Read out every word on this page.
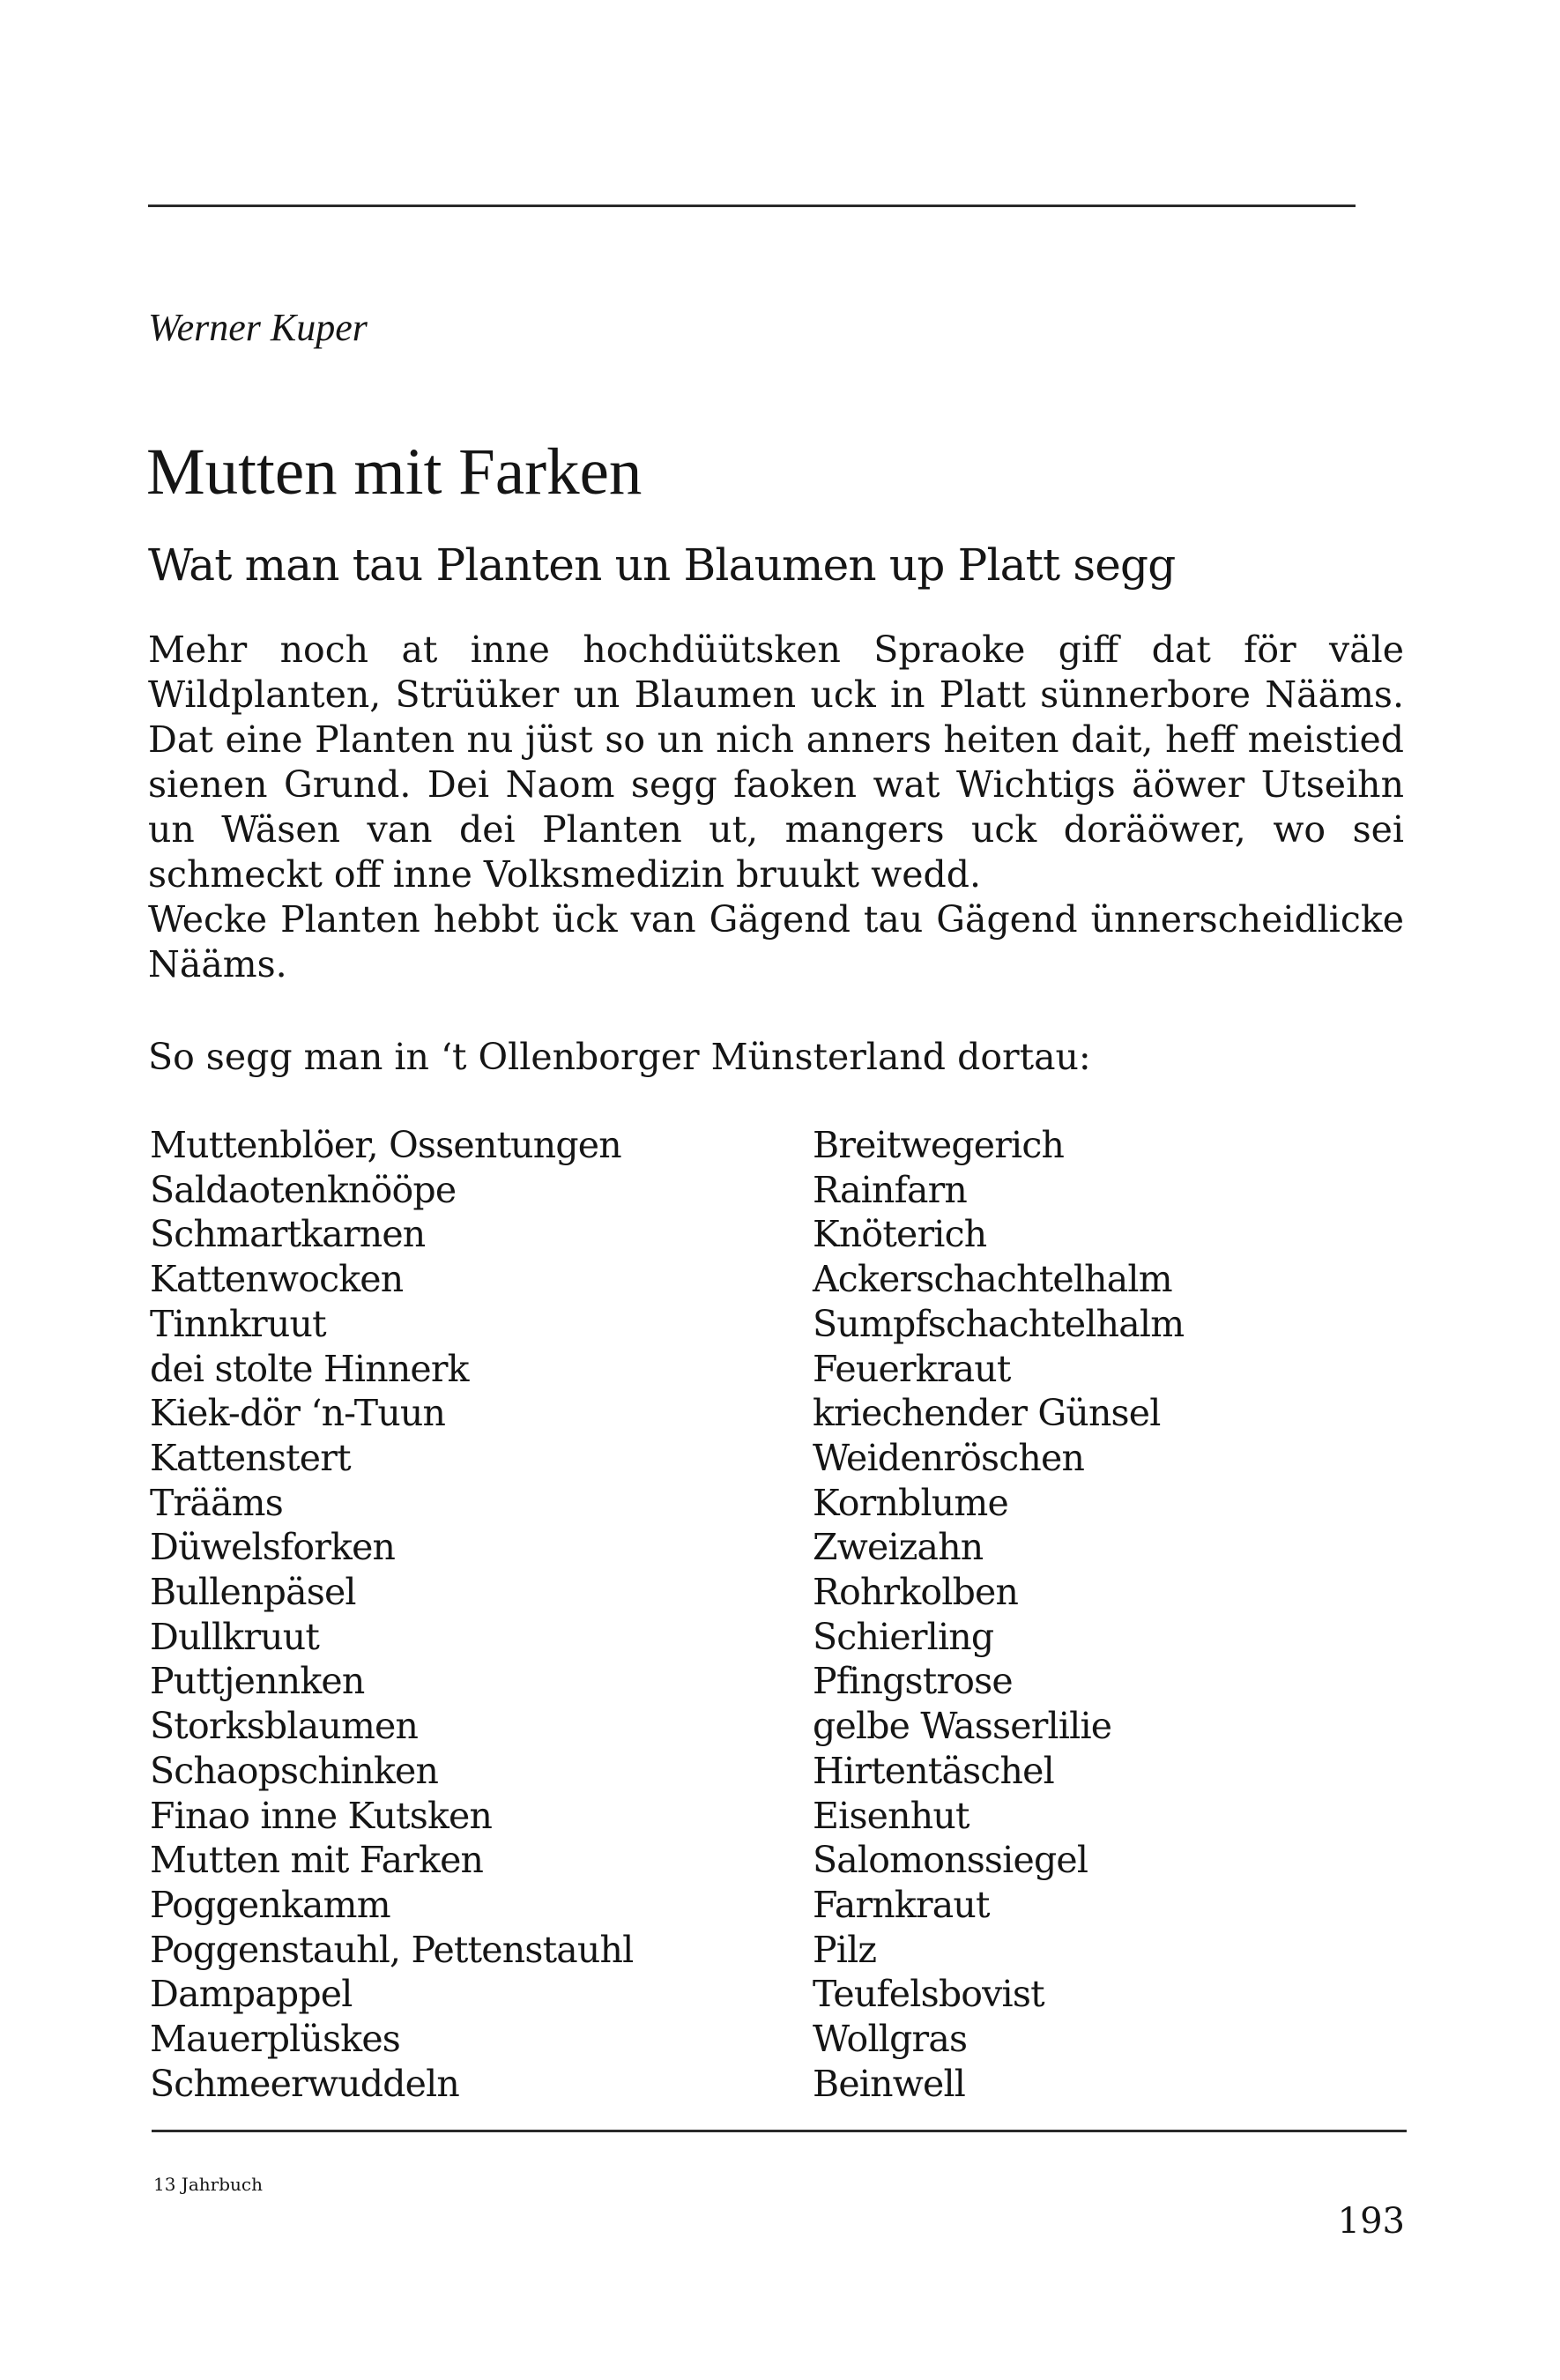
Werner Kuper
Mutten mit Farken
Wat man tau Planten un Blaumen up Platt segg

Mehr noch at inne hochdüütsken Spraoke giff dat för väle Wildplanten, Strüüker un Blaumen uck in Platt sünnerbore Nääms. Dat eine Planten nu jüst so un nich anners heiten dait, heff meistied sienen Grund. Dei Naom segg faoken wat Wichtigs äöwer Utseihn un Wäsen van dei Planten ut, mangers uck doräöwer, wo sei schmeckt off inne Volksmedizin bruukt wedd.

Wecke Planten hebbt ück van Gägend tau Gägend ünnerscheidlicke Nääms.

So segg man in ‘t Ollenborger Münsterland dortau:
Muttenblöer, Ossentungen
Saldaotenknööpe
Schmartkarnen
Kattenwocken
Tinnkruut
dei stolte Hinnerk
Kiek-dör ‘n-Tuun
Kattenstert
Trääms
Düwelsforken
Bullenpäsel
Dullkruut
Puttjennken
Storksblaumen
Schaopschinken
Finao inne Kutsken
Mutten mit Farken
Poggenkamm
Poggenstauhl, Pettenstauhl
Dampappel
Mauerplüskes
Schmeerwuddeln
Breitwegerich
Rainfarn
Knöterich
Ackerschachtelhalm
Sumpfschachtelhalm
Feuerkraut
kriechender Günsel
Weidenröschen
Kornblume
Zweizahn
Rohrkolben
Schierling
Pfingstrose
gelbe Wasserlilie
Hirtentäschel
Eisenhut
Salomonssiegel
Farnkraut
Pilz
Teufelsbovist
Wollgras
Beinwell
13 Jahrbuch
193
